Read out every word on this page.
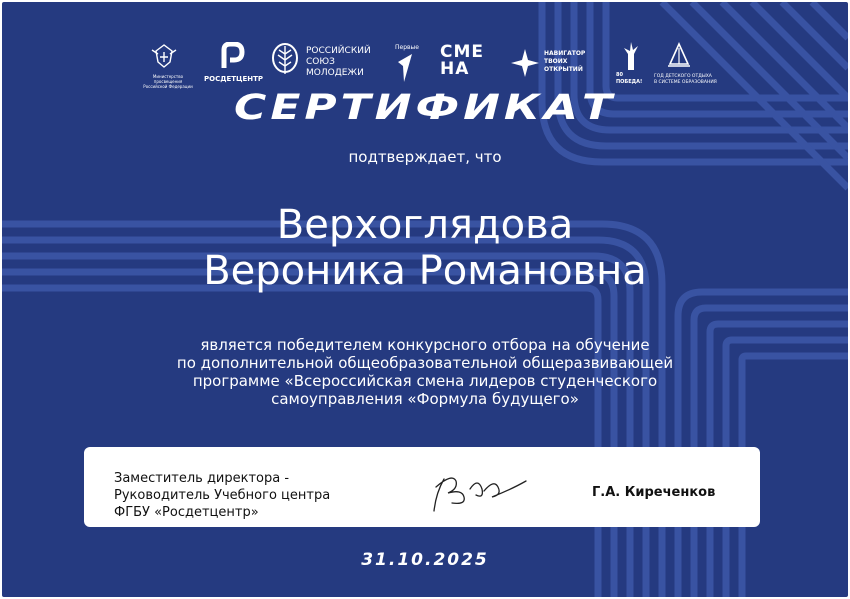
Министерство просвещения Российской Федерации
РОСДЕТЦЕНТР
РОССИЙСКИЙ
СОЮЗ
МОЛОДЕЖИ
Первые СМЕ
НА
НАВИГАТОР
ТВОИХ
ОТКРЫТИЙ
80
ПОБЕДА!
ГОД ДЕТСКОГО ОТДЫХА
В СИСТЕМЕ ОБРАЗОВАНИЯ
СЕРТИФИКАТ
подтверждает, что
Верхоглядова
Вероника Романовна
является победителем конкурсного отбора на обучение
по дополнительной общеобразовательной общеразвивающей
программе «Всероссийская смена лидеров студенческого
самоуправления «Формула будущего»
Заместитель директора -
Руководитель Учебного центра
ФГБУ «Росдетцентр»
Г.А. Киреченков
31.10.2025
